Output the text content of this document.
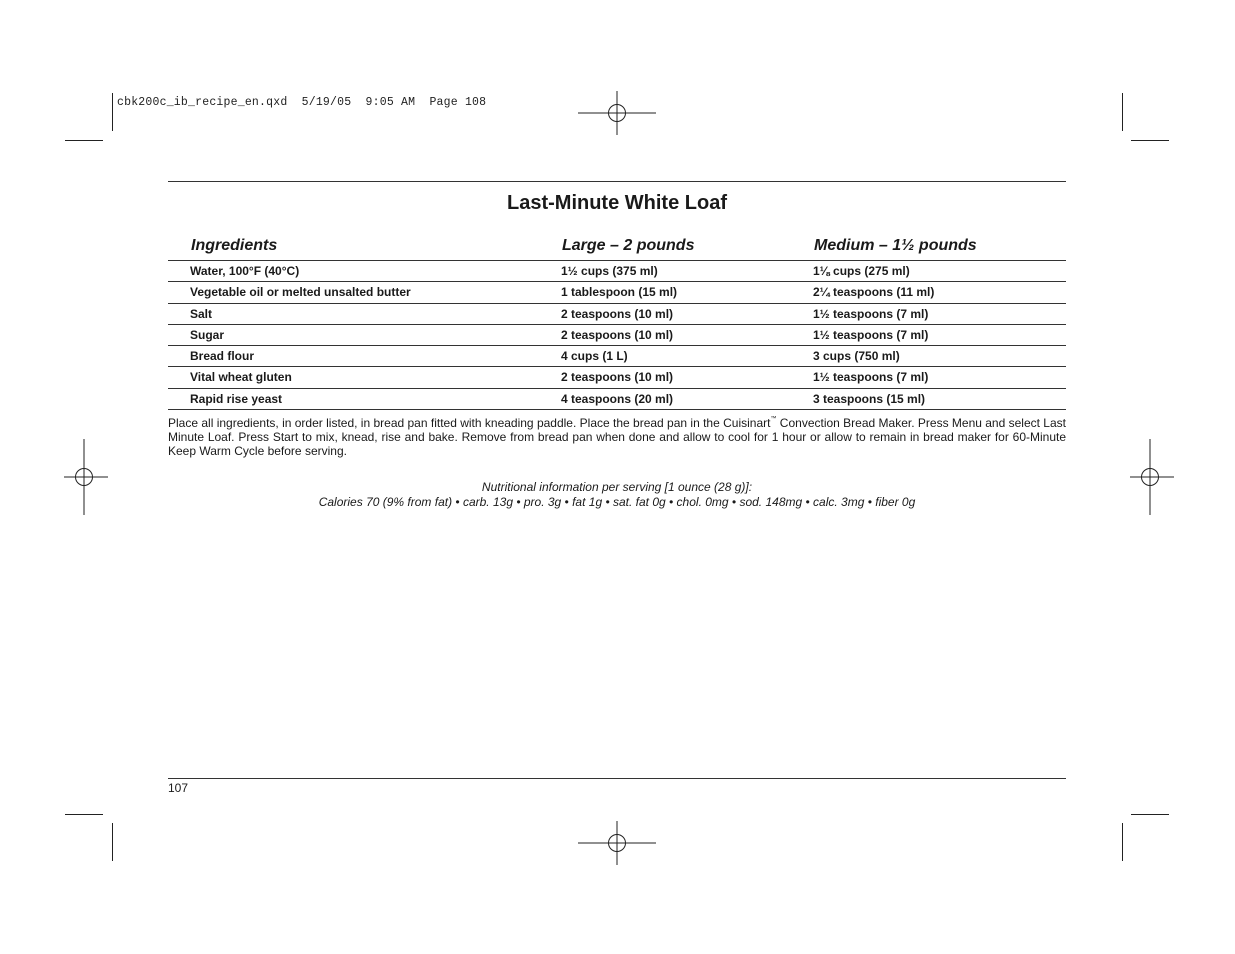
cbk200c_ib_recipe_en.qxd  5/19/05  9:05 AM  Page 108
Last-Minute White Loaf
Ingredients	Large – 2 pounds	Medium – 1½ pounds
Water, 100°F (40°C)	1½ cups (375 ml)	1⅛ cups (275 ml)
Vegetable oil or melted unsalted butter	1 tablespoon (15 ml)	2¼ teaspoons (11 ml)
Salt	2 teaspoons (10 ml)	1½ teaspoons (7 ml)
Sugar	2 teaspoons (10 ml)	1½ teaspoons (7 ml)
Bread flour	4 cups (1 L)	3 cups (750 ml)
Vital wheat gluten	2 teaspoons (10 ml)	1½ teaspoons (7 ml)
Rapid rise yeast	4 teaspoons (20 ml)	3 teaspoons (15 ml)
Place all ingredients, in order listed, in bread pan fitted with kneading paddle. Place the bread pan in the Cuisinart™ Convection Bread Maker. Press Menu and select Last Minute Loaf. Press Start to mix, knead, rise and bake. Remove from bread pan when done and allow to cool for 1 hour or allow to remain in bread maker for 60-Minute Keep Warm Cycle before serving.
Nutritional information per serving [1 ounce (28 g)]:
Calories 70 (9% from fat) • carb. 13g • pro. 3g • fat 1g • sat. fat 0g • chol. 0mg • sod. 148mg • calc. 3mg • fiber 0g
107
